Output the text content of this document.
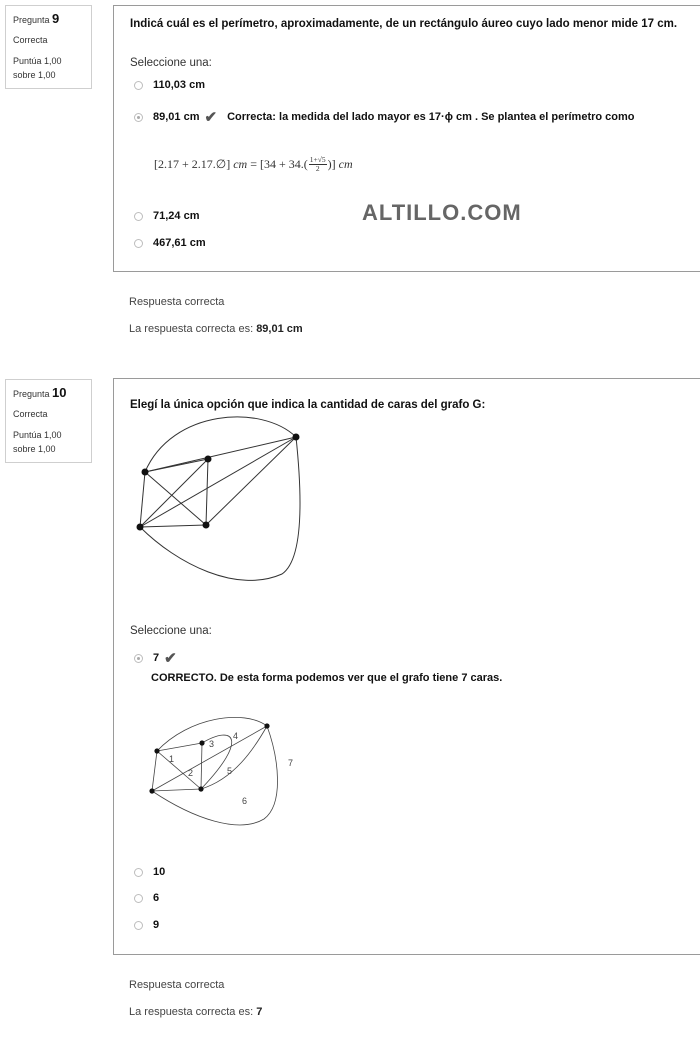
Pregunta 9
Correcta
Puntúa 1,00
sobre 1,00
Indicá cuál es el perímetro, aproximadamente, de un rectángulo áureo cuyo lado menor mide 17 cm.
Seleccione una:
110,03 cm
89,01 cm ✔ Correcta: la medida del lado mayor es 17·ϕ cm . Se plantea el perímetro como
[2.17 + 2.17.∅]
cm
=
[$34 + 34.( \frac{1+√5}{2}$ )]
cm
71,24 cm
467,61 cm
ALTILLO.COM
Respuesta correcta
La respuesta correcta es: 89,01 cm
Pregunta 10
Correcta
Puntúa 1,00
sobre 1,00
Elegí la única opción que indica la cantidad de caras del grafo G:
Seleccione una:
7 ✔
CORRECTO. De esta forma podemos ver que el grafo tiene 7 caras.
1
2
3
4
5
6
7
10
6
9
Respuesta correcta
La respuesta correcta es: 7
